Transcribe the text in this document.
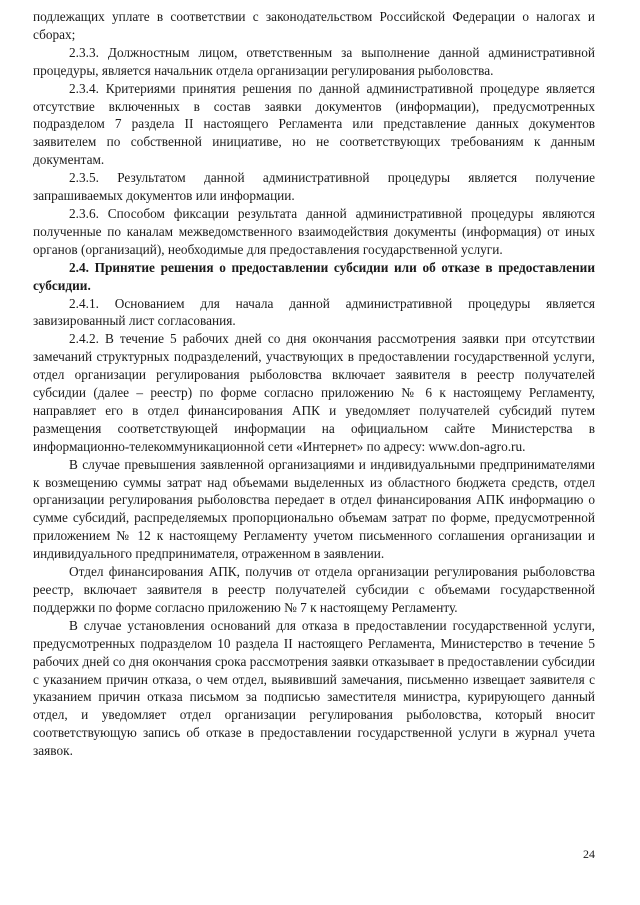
подлежащих уплате в соответствии с законодательством Российской Федерации о налогах и сборах;

2.3.3. Должностным лицом, ответственным за выполнение данной административной процедуры, является начальник отдела организации регулирования рыболовства.

2.3.4. Критериями принятия решения по данной административной процедуре является отсутствие включенных в состав заявки документов (информации), предусмотренных подразделом 7 раздела II настоящего Регламента или представление данных документов заявителем по собственной инициативе, но не соответствующих требованиям к данным документам.

2.3.5. Результатом данной административной процедуры является получение запрашиваемых документов или информации.

2.3.6. Способом фиксации результата данной административной процедуры являются полученные по каналам межведомственного взаимодействия документы (информация) от иных органов (организаций), необходимые для предоставления государственной услуги.

2.4. Принятие решения о предоставлении субсидии или об отказе в предоставлении субсидии.

2.4.1. Основанием для начала данной административной процедуры является завизированный лист согласования.

2.4.2. В течение 5 рабочих дней со дня окончания рассмотрения заявки при отсутствии замечаний структурных подразделений, участвующих в предоставлении государственной услуги, отдел организации регулирования рыболовства включает заявителя в реестр получателей субсидии (далее – реестр) по форме согласно приложению № 6 к настоящему Регламенту, направляет его в отдел финансирования АПК и уведомляет получателей субсидий путем размещения соответствующей информации на официальном сайте Министерства в информационно-телекоммуникационной сети «Интернет» по адресу: www.don-agro.ru.

В случае превышения заявленной организациями и индивидуальными предпринимателями к возмещению суммы затрат над объемами выделенных из областного бюджета средств, отдел организации регулирования рыболовства передает в отдел финансирования АПК информацию о сумме субсидий, распределяемых пропорционально объемам затрат по форме, предусмотренной приложением № 12 к настоящему Регламенту учетом письменного соглашения организации и индивидуального предпринимателя, отраженном в заявлении.

Отдел финансирования АПК, получив от отдела организации регулирования рыболовства реестр, включает заявителя в реестр получателей субсидии с объемами государственной поддержки по форме согласно приложению № 7 к настоящему Регламенту.

В случае установления оснований для отказа в предоставлении государственной услуги, предусмотренных подразделом 10 раздела II настоящего Регламента, Министерство в течение 5 рабочих дней со дня окончания срока рассмотрения заявки отказывает в предоставлении субсидии с указанием причин отказа, о чем отдел, выявивший замечания, письменно извещает заявителя с указанием причин отказа письмом за подписью заместителя министра, курирующего данный отдел, и уведомляет отдел организации регулирования рыболовства, который вносит соответствующую запись об отказе в предоставлении государственной услуги в журнал учета заявок.

24
